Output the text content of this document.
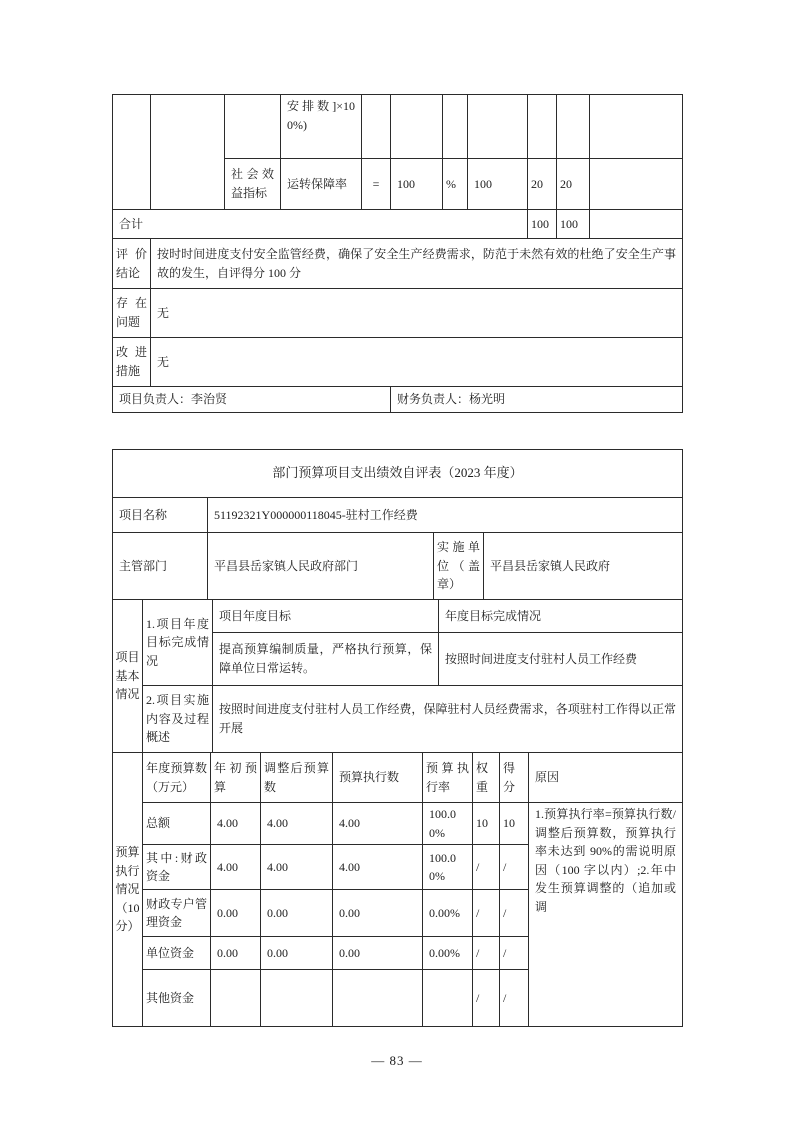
			安排数]×100%)							
		社会效益指标	运转保障率	=	100	%	100	20	20	
合计								100	100	
评价结论	按时时间进度支付安全监管经费，确保了安全生产经费需求，防范于未然有效的杜绝了安全生产事故的发生，自评得分 100 分									
存在问题	无									
改进措施	无									
项目负责人：李治贤					财务负责人：杨光明					
部门预算项目支出绩效自评表（2023 年度）			
项目名称	51192321Y000000118045-驻村工作经费		
主管部门	平昌县岳家镇人民政府部门	实施单位（盖章）	平昌县岳家镇人民政府
项目基本情况	1.项目年度目标完成情况	项目年度目标	年度目标完成情况
		提高预算编制质量，严格执行预算，保障单位日常运转。	按照时间进度支付驻村人员工作经费
	2.项目实施内容及过程概述	按照时间进度支付驻村人员工作经费，保障驻村人员经费需求，各项驻村工作得以正常开展	
预算执行情况（10分）	年度预算数（万元）	年初预算	调整后预算数	预算执行数	预算执行率	权重	得分	原因
	总额	4.00	4.00	4.00	100.00%	10	10	1.预算执行率=预算执行数/调整后预算数，预算执行率未达到 90%的需说明原因（100 字以内）;2.年中发生预算调整的（追加或调
	其中:财政资金	4.00	4.00	4.00	100.00%	/	/	
	财政专户管理资金	0.00	0.00	0.00	0.00%	/	/	
	单位资金	0.00	0.00	0.00	0.00%	/	/	
	其他资金					/	/	
— 83 —
